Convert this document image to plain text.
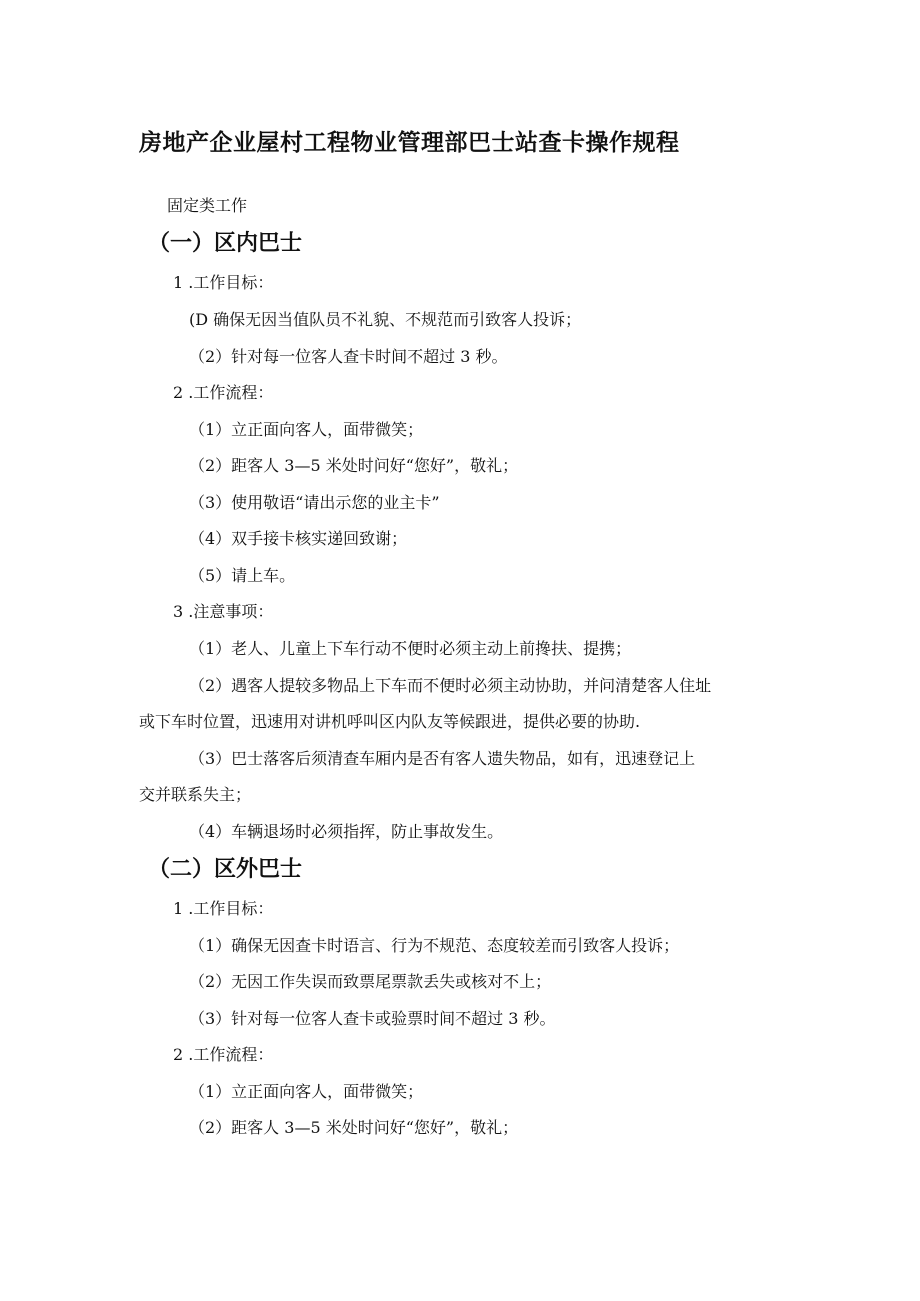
房地产企业屋村工程物业管理部巴士站查卡操作规程
固定类工作
（一）区内巴士
1 .工作目标：
(D 确保无因当值队员不礼貌、不规范而引致客人投诉；
（2）针对每一位客人查卡时间不超过 3 秒。
2 .工作流程：
（1）立正面向客人，面带微笑；
（2）距客人 3—5 米处时问好“您好”，敬礼；
（3）使用敬语“请出示您的业主卡”
（4）双手接卡核实递回致谢；
（5）请上车。
3 .注意事项：
（1）老人、儿童上下车行动不便时必须主动上前搀扶、提携；
（2）遇客人提较多物品上下车而不便时必须主动协助，并问清楚客人住址
或下车时位置，迅速用对讲机呼叫区内队友等候跟进，提供必要的协助.
（3）巴士落客后须清查车厢内是否有客人遗失物品，如有，迅速登记上
交并联系失主；
（4）车辆退场时必须指挥，防止事故发生。
（二）区外巴士
1 .工作目标：
（1）确保无因查卡时语言、行为不规范、态度较差而引致客人投诉；
（2）无因工作失误而致票尾票款丢失或核对不上；
（3）针对每一位客人查卡或验票时间不超过 3 秒。
2 .工作流程：
（1）立正面向客人，面带微笑；
（2）距客人 3—5 米处时问好“您好”，敬礼；
